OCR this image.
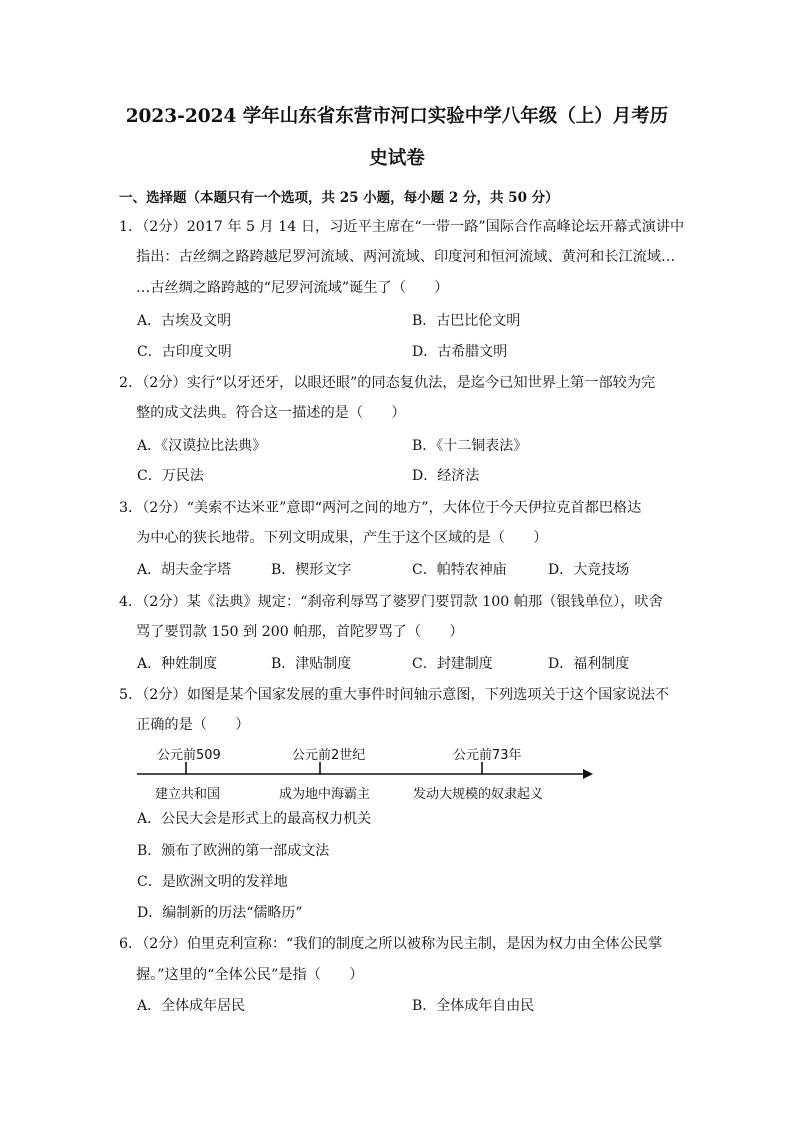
2023-2024 学年山东省东营市河口实验中学八年级（上）月考历
史试卷
一、选择题（本题只有一个选项，共 25 小题，每小题 2 分，共 50 分）
1．（2分）2017 年 5 月 14 日，习近平主席在“一带一路”国际合作高峰论坛开幕式演讲中
指出：古丝绸之路跨越尼罗河流域、两河流域、印度河和恒河流域、黄河和长江流域…
…古丝绸之路跨越的“尼罗河流域”诞生了（　　）
A．古埃及文明	B．古巴比伦文明
C．古印度文明	D．古希腊文明
2．（2分）实行“以牙还牙，以眼还眼”的同态复仇法，是迄今已知世界上第一部较为完
整的成文法典。符合这一描述的是（　　）
A．《汉谟拉比法典》	B．《十二铜表法》
C．万民法	D．经济法
3．（2分）“美索不达米亚”意即“两河之间的地方”，大体位于今天伊拉克首都巴格达
为中心的狭长地带。下列文明成果，产生于这个区域的是（　　）
A．胡夫金字塔	B．楔形文字	C．帕特农神庙	D．大竞技场
4．（2分）某《法典》规定：“刹帝利辱骂了婆罗门要罚款 100 帕那（银钱单位），吠舍
骂了要罚款 150 到 200 帕那，首陀罗骂了（　　）
A．种姓制度	B．津贴制度	C．封建制度	D．福利制度
5．（2分）如图是某个国家发展的重大事件时间轴示意图，下列选项关于这个国家说法不
正确的是（　　）
公元前509	公元前2世纪	公元前73年
建立共和国	成为地中海霸主	发动大规模的奴隶起义
A．公民大会是形式上的最高权力机关
B．颁布了欧洲的第一部成文法
C．是欧洲文明的发祥地
D．编制新的历法“儒略历”
6．（2分）伯里克利宣称：“我们的制度之所以被称为民主制，是因为权力由全体公民掌
握。”这里的“全体公民”是指（　　）
A．全体成年居民	B．全体成年自由民
